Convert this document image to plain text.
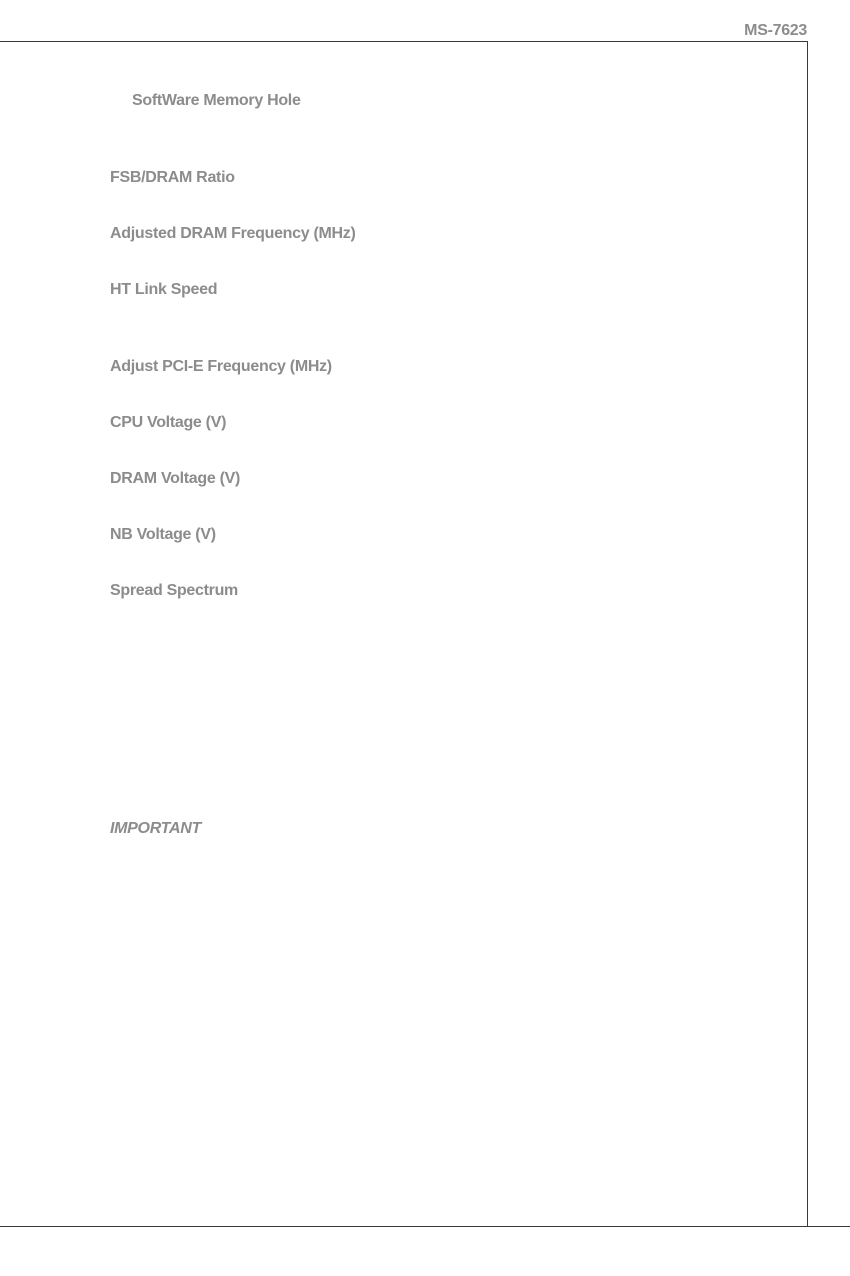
MS-7623
SoftWare Memory Hole
FSB/DRAM Ratio
Adjusted DRAM Frequency (MHz)
HT Link Speed
Adjust PCI-E Frequency (MHz)
CPU Voltage (V)
DRAM Voltage (V)
NB Voltage (V)
Spread Spectrum
IMPORTANT
